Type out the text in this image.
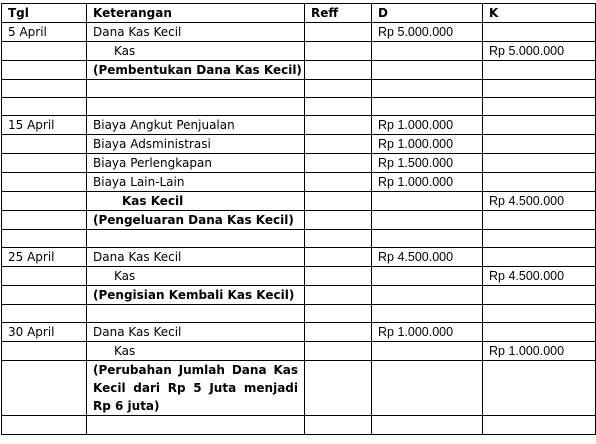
Tgl	Keterangan	Reff	D	K
5 April	Dana Kas Kecil		Rp 5.000.000	
	Kas			Rp 5.000.000
	(Pembentukan Dana Kas Kecil)			

15 April	Biaya Angkut Penjualan		Rp 1.000.000	
	Biaya Adsministrasi		Rp 1.000.000	
	Biaya Perlengkapan		Rp 1.500.000	
	Biaya Lain-Lain		Rp 1.000.000	
	Kas Kecil			Rp 4.500.000
	(Pengeluaran Dana Kas Kecil)			

25 April	Dana Kas Kecil		Rp 4.500.000	
	Kas			Rp 4.500.000
	(Pengisian Kembali Kas Kecil)			

30 April	Dana Kas Kecil		Rp 1.000.000	
	Kas			Rp 1.000.000
	(Perubahan Jumlah Dana Kas Kecil dari Rp 5 Juta menjadi Rp 6 juta)			
